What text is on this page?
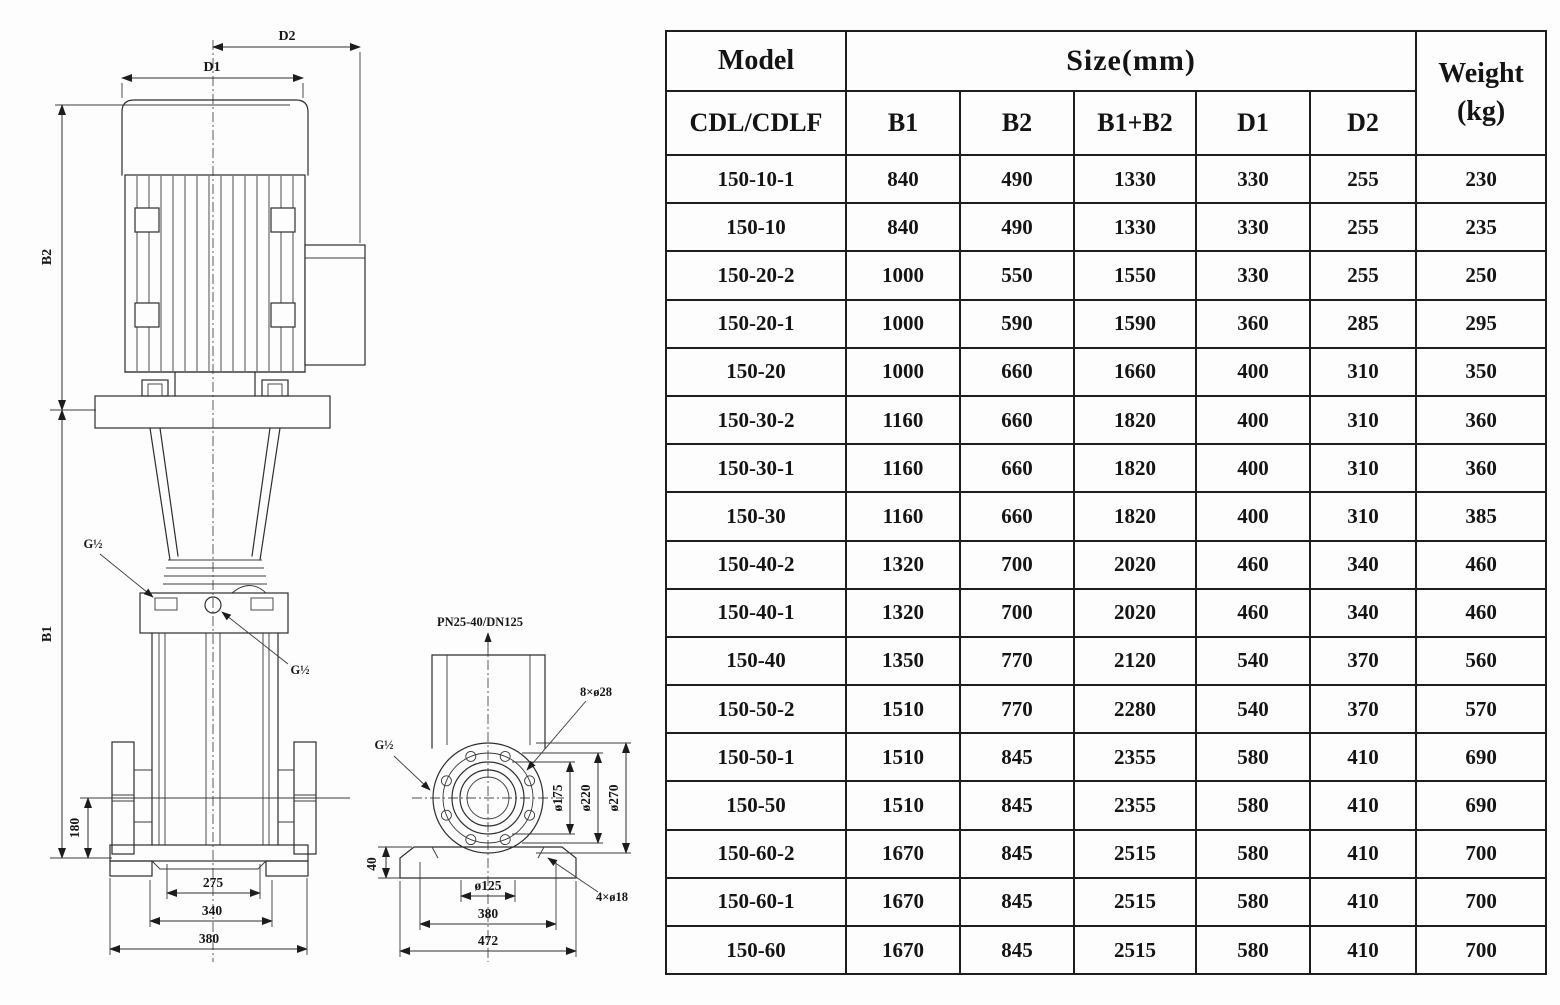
D2
D1
B2
B1
180
275
340
380
G½
G½
PN25-40/DN125
ø175 ø220 ø270
40
ø125
380
472
4×ø18
8×ø28
G½
Model	Size(mm)					Weight
(kg)

CDL/CDLF	B1	B2	B1+B2	D1	D2	
150-10-1	840	490	1330	330	255	230
150-10	840	490	1330	330	255	235
150-20-2	1000	550	1550	330	255	250
150-20-1	1000	590	1590	360	285	295
150-20	1000	660	1660	400	310	350
150-30-2	1160	660	1820	400	310	360
150-30-1	1160	660	1820	400	310	360
150-30	1160	660	1820	400	310	385
150-40-2	1320	700	2020	460	340	460
150-40-1	1320	700	2020	460	340	460
150-40	1350	770	2120	540	370	560
150-50-2	1510	770	2280	540	370	570
150-50-1	1510	845	2355	580	410	690
150-50	1510	845	2355	580	410	690
150-60-2	1670	845	2515	580	410	700
150-60-1	1670	845	2515	580	410	700
150-60	1670	845	2515	580	410	700
